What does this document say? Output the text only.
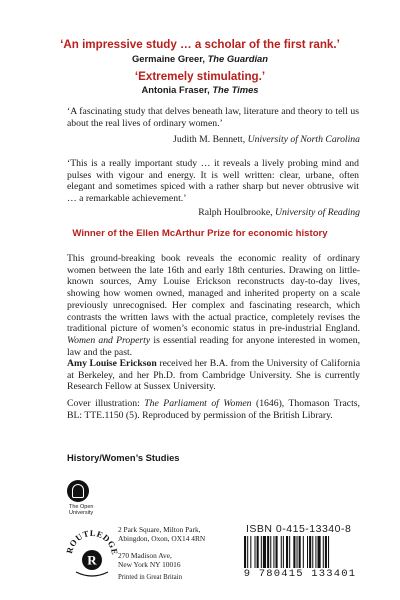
‘An impressive study … a scholar of the first rank.’
Germaine Greer, The Guardian
‘Extremely stimulating.’
Antonia Fraser, The Times
‘A fascinating study that delves beneath law, literature and theory to tell us about the real lives of ordinary women.’
Judith M. Bennett, University of North Carolina
‘This is a really important study … it reveals a lively probing mind and pulses with vigour and energy. It is well written: clear, urbane, often elegant and sometimes spiced with a rather sharp but never obtrusive wit … a remarkable achievement.’
Ralph Houlbrooke, University of Reading
Winner of the Ellen McArthur Prize for economic history
This ground-breaking book reveals the economic reality of ordinary women between the late 16th and early 18th centuries. Drawing on little-known sources, Amy Louise Erickson reconstructs day-to-day lives, showing how women owned, managed and inherited property on a scale previously unrecognised. Her complex and fascinating research, which contrasts the written laws with the actual practice, completely revises the traditional picture of women’s economic status in pre-industrial England. Women and Property is essential reading for anyone interested in women, law and the past.
Amy Louise Erickson received her B.A. from the University of California at Berkeley, and her Ph.D. from Cambridge University. She is currently Research Fellow at Sussex University.
Cover illustration: The Parliament of Women (1646), Thomason Tracts, BL: TTE.1150 (5). Reproduced by permission of the British Library.
History/Women’s Studies
The Open
University
ROUTLEDGE
R
2 Park Square, Milton Park,
Abingdon, Oxon, OX14 4RN
270 Madison Ave,
New York NY 10016
Printed in Great Britain
ISBN 0-415-13340-8
9 780415 133401
